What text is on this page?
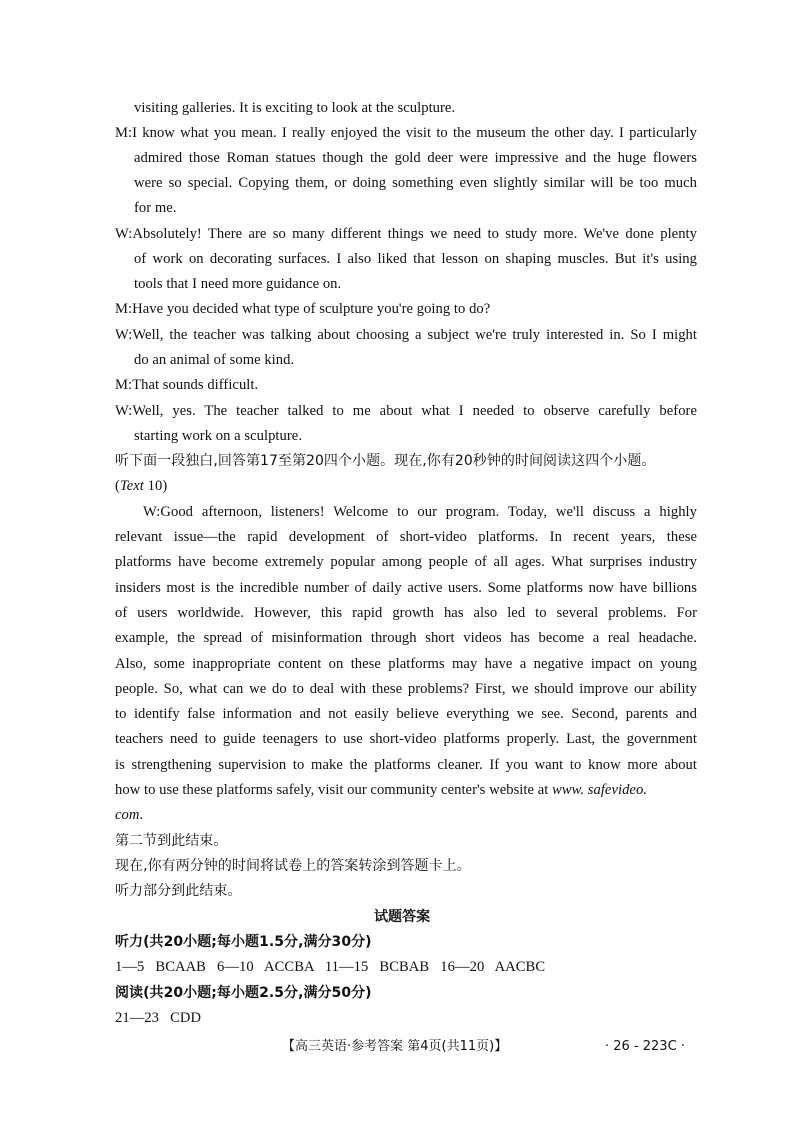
visiting galleries. It is exciting to look at the sculpture.
M:I know what you mean. I really enjoyed the visit to the museum the other day. I particularly
admired those Roman statues though the gold deer were impressive and the huge flowers
were so special. Copying them, or doing something even slightly similar will be too much
for me.
W:Absolutely! There are so many different things we need to study more. We've done plenty
of work on decorating surfaces. I also liked that lesson on shaping muscles. But it's using
tools that I need more guidance on.
M:Have you decided what type of sculpture you're going to do?
W:Well, the teacher was talking about choosing a subject we're truly interested in. So I might
do an animal of some kind.
M:That sounds difficult.
W:Well, yes. The teacher talked to me about what I needed to observe carefully before
starting work on a sculpture.
听下面一段独白,回答第17至第20四个小题。现在,你有20秒钟的时间阅读这四个小题。
(Text 10)
W:Good afternoon, listeners! Welcome to our program. Today, we'll discuss a highly
relevant issue—the rapid development of short-video platforms. In recent years, these
platforms have become extremely popular among people of all ages. What surprises industry
insiders most is the incredible number of daily active users. Some platforms now have billions
of users worldwide. However, this rapid growth has also led to several problems. For
example, the spread of misinformation through short videos has become a real headache.
Also, some inappropriate content on these platforms may have a negative impact on young
people. So, what can we do to deal with these problems? First, we should improve our ability
to identify false information and not easily believe everything we see. Second, parents and
teachers need to guide teenagers to use short-video platforms properly. Last, the government
is strengthening supervision to make the platforms cleaner. If you want to know more about
how to use these platforms safely, visit our community center's website at www. safevideo.
com.
第二节到此结束。
现在,你有两分钟的时间将试卷上的答案转涂到答题卡上。
听力部分到此结束。
试题答案
听力(共20小题;每小题1.5分,满分30分)
1—5   BCAAB   6—10   ACCBA   11—15   BCBAB   16—20   AACBC
阅读(共20小题;每小题2.5分,满分50分)
21—23   CDD
【高三英语·参考答案 第4页(共11页)】	· 26 - 223C ·
